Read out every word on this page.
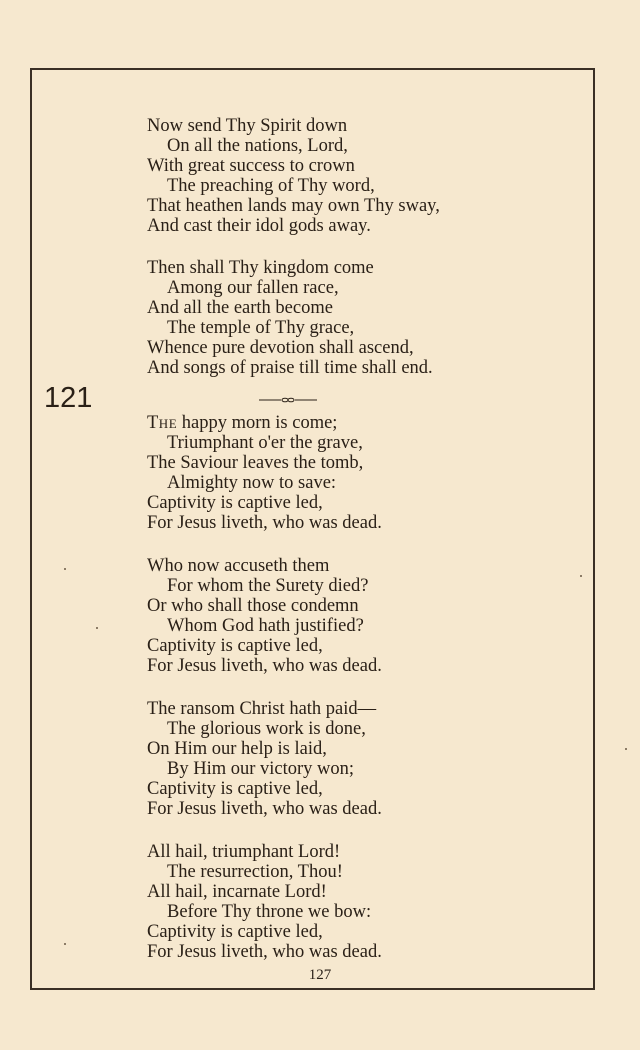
121
Now send Thy Spirit down
On all the nations, Lord,
With great success to crown
The preaching of Thy word,
That heathen lands may own Thy sway,
And cast their idol gods away.
Then shall Thy kingdom come
Among our fallen race,
And all the earth become
The temple of Thy grace,
Whence pure devotion shall ascend,
And songs of praise till time shall end.
The happy morn is come;
Triumphant o'er the grave,
The Saviour leaves the tomb,
Almighty now to save:
Captivity is captive led,
For Jesus liveth, who was dead.
Who now accuseth them
For whom the Surety died?
Or who shall those condemn
Whom God hath justified?
Captivity is captive led,
For Jesus liveth, who was dead.
The ransom Christ hath paid—
The glorious work is done,
On Him our help is laid,
By Him our victory won;
Captivity is captive led,
For Jesus liveth, who was dead.
All hail, triumphant Lord!
The resurrection, Thou!
All hail, incarnate Lord!
Before Thy throne we bow:
Captivity is captive led,
For Jesus liveth, who was dead.
127
